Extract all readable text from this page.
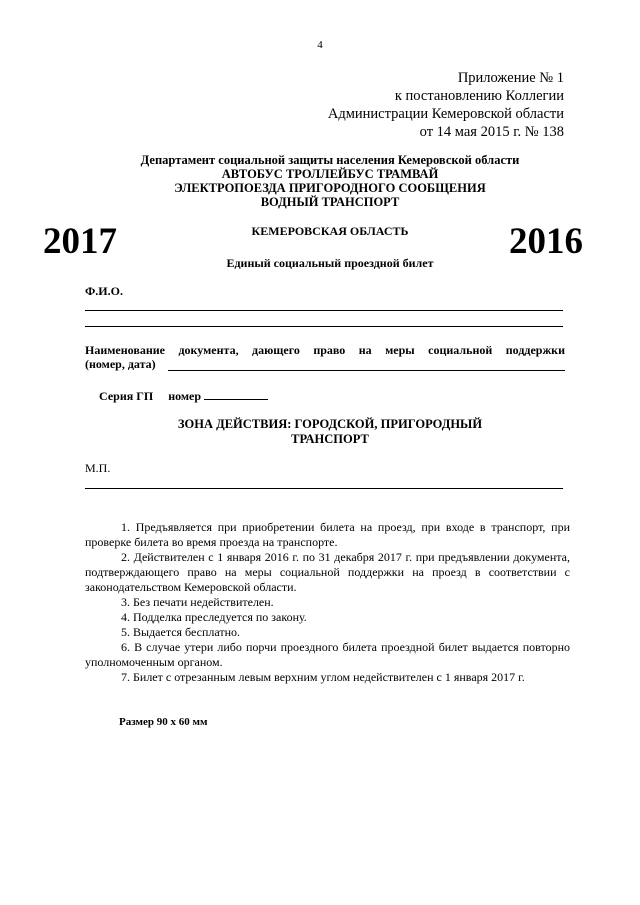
4
Приложение № 1
к постановлению Коллегии
Администрации Кемеровской области
от 14 мая 2015 г. № 138
Департамент социальной защиты населения Кемеровской области
АВТОБУС ТРОЛЛЕЙБУС ТРАМВАЙ
ЭЛЕКТРОПОЕЗДА ПРИГОРОДНОГО СООБЩЕНИЯ
ВОДНЫЙ ТРАНСПОРТ
2017	2016
КЕМЕРОВСКАЯ ОБЛАСТЬ
Единый социальный проездной билет
Ф.И.О.
Наименование документа, дающего право на меры социальной поддержки
(номер, дата)
Серия ГП номер
ЗОНА ДЕЙСТВИЯ: ГОРОДСКОЙ, ПРИГОРОДНЫЙ
ТРАНСПОРТ
М.П.

1. Предъявляется при приобретении билета на проезд, при входе в транспорт, при проверке билета во время проезда на транспорте.

2. Действителен с 1 января 2016 г. по 31 декабря 2017 г. при предъявлении документа, подтверждающего право на меры социальной поддержки на проезд в соответствии с законодательством Кемеровской области.

3. Без печати недействителен.

4. Подделка преследуется по закону.

5. Выдается бесплатно.

6. В случае утери либо порчи проездного билета проездной билет выдается повторно уполномоченным органом.

7. Билет с отрезанным левым верхним углом недействителен с 1 января 2017 г.

Размер 90 х 60 мм
